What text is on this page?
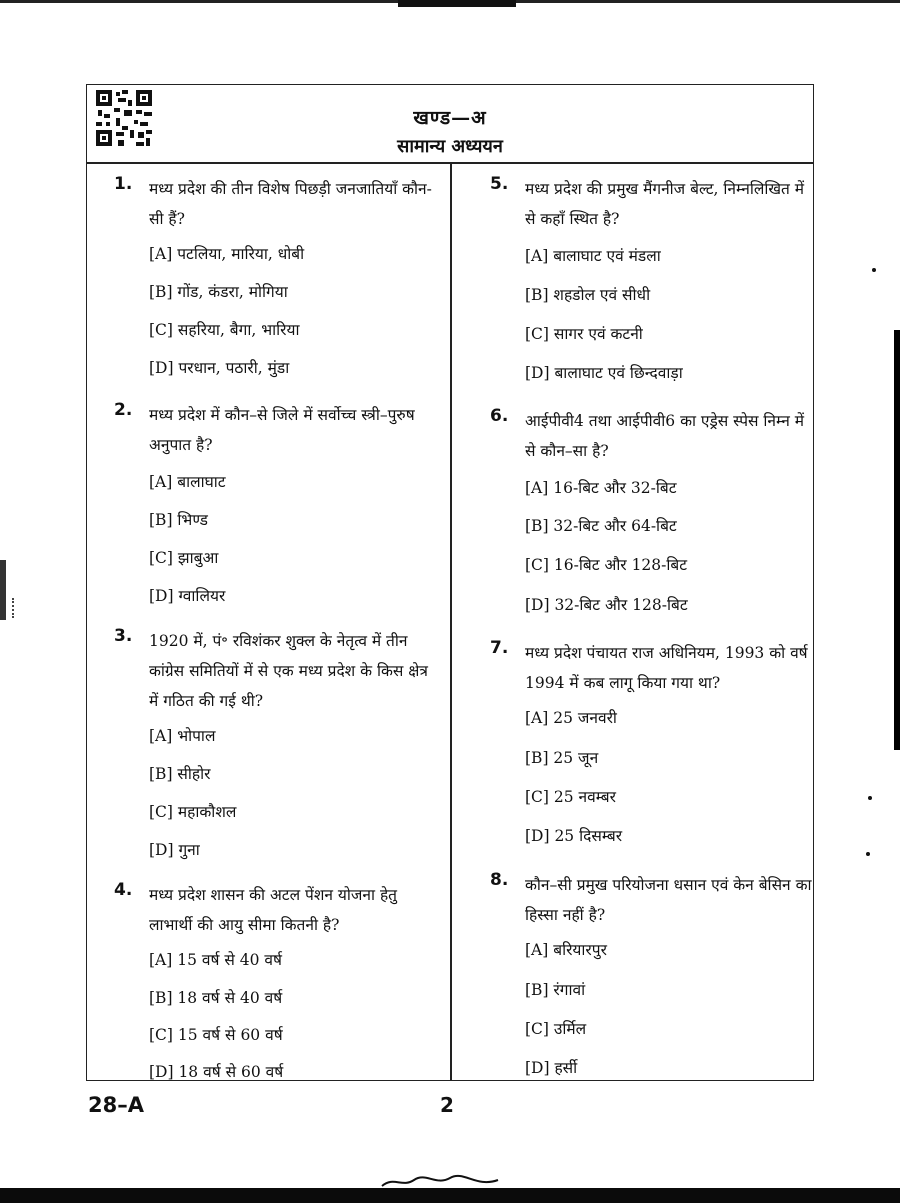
खण्ड—अ
सामान्य अध्ययन
1. मध्य प्रदेश की तीन विशेष पिछड़ी जनजातियाँ कौन-सी हैं?
[A] पटलिया, मारिया, धोबी
[B] गोंड, कंडरा, मोगिया
[C] सहरिया, बैगा, भारिया
[D] परधान, पठारी, मुंडा
2. मध्य प्रदेश में कौन–से जिले में सर्वोच्च स्त्री–पुरुष अनुपात है?
[A] बालाघाट
[B] भिण्ड
[C] झाबुआ
[D] ग्वालियर
3. 1920 में, पं॰ रविशंकर शुक्ल के नेतृत्व में तीन कांग्रेस समितियों में से एक मध्य प्रदेश के किस क्षेत्र में गठित की गई थी?
[A] भोपाल
[B] सीहोर
[C] महाकौशल
[D] गुना
4. मध्य प्रदेश शासन की अटल पेंशन योजना हेतु लाभार्थी की आयु सीमा कितनी है?
[A] 15 वर्ष से 40 वर्ष
[B] 18 वर्ष से 40 वर्ष
[C] 15 वर्ष से 60 वर्ष
[D] 18 वर्ष से 60 वर्ष
5. मध्य प्रदेश की प्रमुख मैंगनीज बेल्ट, निम्नलिखित में से कहाँ स्थित है?
[A] बालाघाट एवं मंडला
[B] शहडोल एवं सीधी
[C] सागर एवं कटनी
[D] बालाघाट एवं छिन्दवाड़ा
6. आईपीवी4 तथा आईपीवी6 का एड्रेस स्पेस निम्न में से कौन–सा है?
[A] 16-बिट और 32-बिट
[B] 32-बिट और 64-बिट
[C] 16-बिट और 128-बिट
[D] 32-बिट और 128-बिट
7. मध्य प्रदेश पंचायत राज अधिनियम, 1993 को वर्ष 1994 में कब लागू किया गया था?
[A] 25 जनवरी
[B] 25 जून
[C] 25 नवम्बर
[D] 25 दिसम्बर
8. कौन–सी प्रमुख परियोजना धसान एवं केन बेसिन का हिस्सा नहीं है?
[A] बरियारपुर
[B] रंगावां
[C] उर्मिल
[D] हर्सी
28–A	2
